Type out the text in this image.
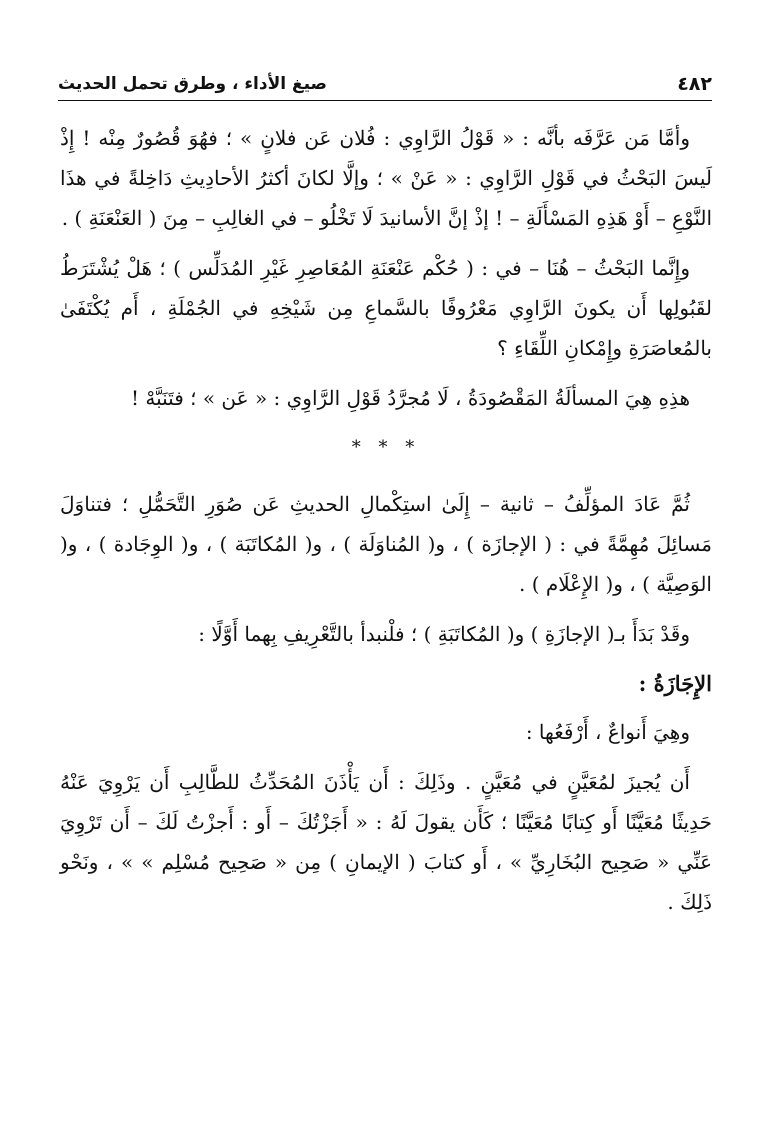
٤٨٢
صيغ الأداء ، وطرق تحمل الحديث

وأمَّا مَن عَرَّفَه بأنَّه : « قَوْلُ الرَّاوِي : فُلان عَن فلانٍ » ؛ فهُوَ قُصُورٌ مِنْه ! إِذْ لَيسَ البَحْثُ في قَوْلِ الرَّاوِي : « عَنْ » ؛ وإلَّا لكانَ أكثرُ الأحادِيثِ دَاخِلةً في هذَا النَّوْعِ – أَوْ هَذِهِ المَسْأَلَةِ – ! إذْ إنَّ الأسانيدَ لَا تَخْلُو – في الغالِبِ – مِنَ ( العَنْعَنَةِ ) .

وإِنَّما البَحْثُ – هُنَا – في : ( حُكْم عَنْعَنَةِ المُعَاصِرِ غَيْرِ المُدَلِّس ) ؛ هَلْ يُشْتَرَطُ لقَبُولِها أَن يكونَ الرَّاوِي مَعْرُوفًا بالسَّماعِ مِن شَيْخِهِ في الجُمْلَةِ ، أَم يُكْتَفَىٰ بالمُعاصَرَةِ وإِمْكانِ اللِّقَاءِ ؟

هذِهِ هِيَ المسألَةُ المَقْصُودَةُ ، لَا مُجرَّدُ قَوْلِ الرَّاوِي : « عَن » ؛ فتَنَبَّهْ !

* * *

ثُمَّ عَادَ المؤلِّفُ – ثانية – إِلَىٰ استِكْمالِ الحديثِ عَن صُوَرِ التَّحَمُّلِ ؛ فتناوَلَ مَسائِلَ مُهِمَّةً في : ( الإجازَة ) ، و( المُناوَلَة ) ، و( المُكاتَبَة ) ، و( الوِجَادة ) ، و( الوَصِيَّة ) ، و( الإِعْلَام ) .

وقَدْ بَدَأَ بـ( الإجازَةِ ) و( المُكاتَبَةِ ) ؛ فلْنبدأ بالتَّعْرِيفِ بِهما أَوَّلًا :

الإِجَازَةُ :

وهِيَ أَنواعٌ ، أَرْفَعُها :

أَن يُجيزَ لمُعَيَّنٍ في مُعَيَّنٍ . وذَلِكَ : أَن يَأْذَنَ المُحَدِّثُ للطَّالِبِ أَن يَرْوِيَ عَنْهُ حَدِيثًا مُعَيَّنًا أَو كِتابًا مُعَيَّنًا ؛ كَأَن يقولَ لَهُ : « أَجَزْتُكَ – أَو : أَجزْتُ لَكَ – أَن تَرْوِيَ عَنِّي « صَحِيح البُخَارِيِّ » ، أَو كتابَ ( الإيمانِ ) مِن « صَحِيح مُسْلِم » » ، ونَحْو ذَلِكَ .
